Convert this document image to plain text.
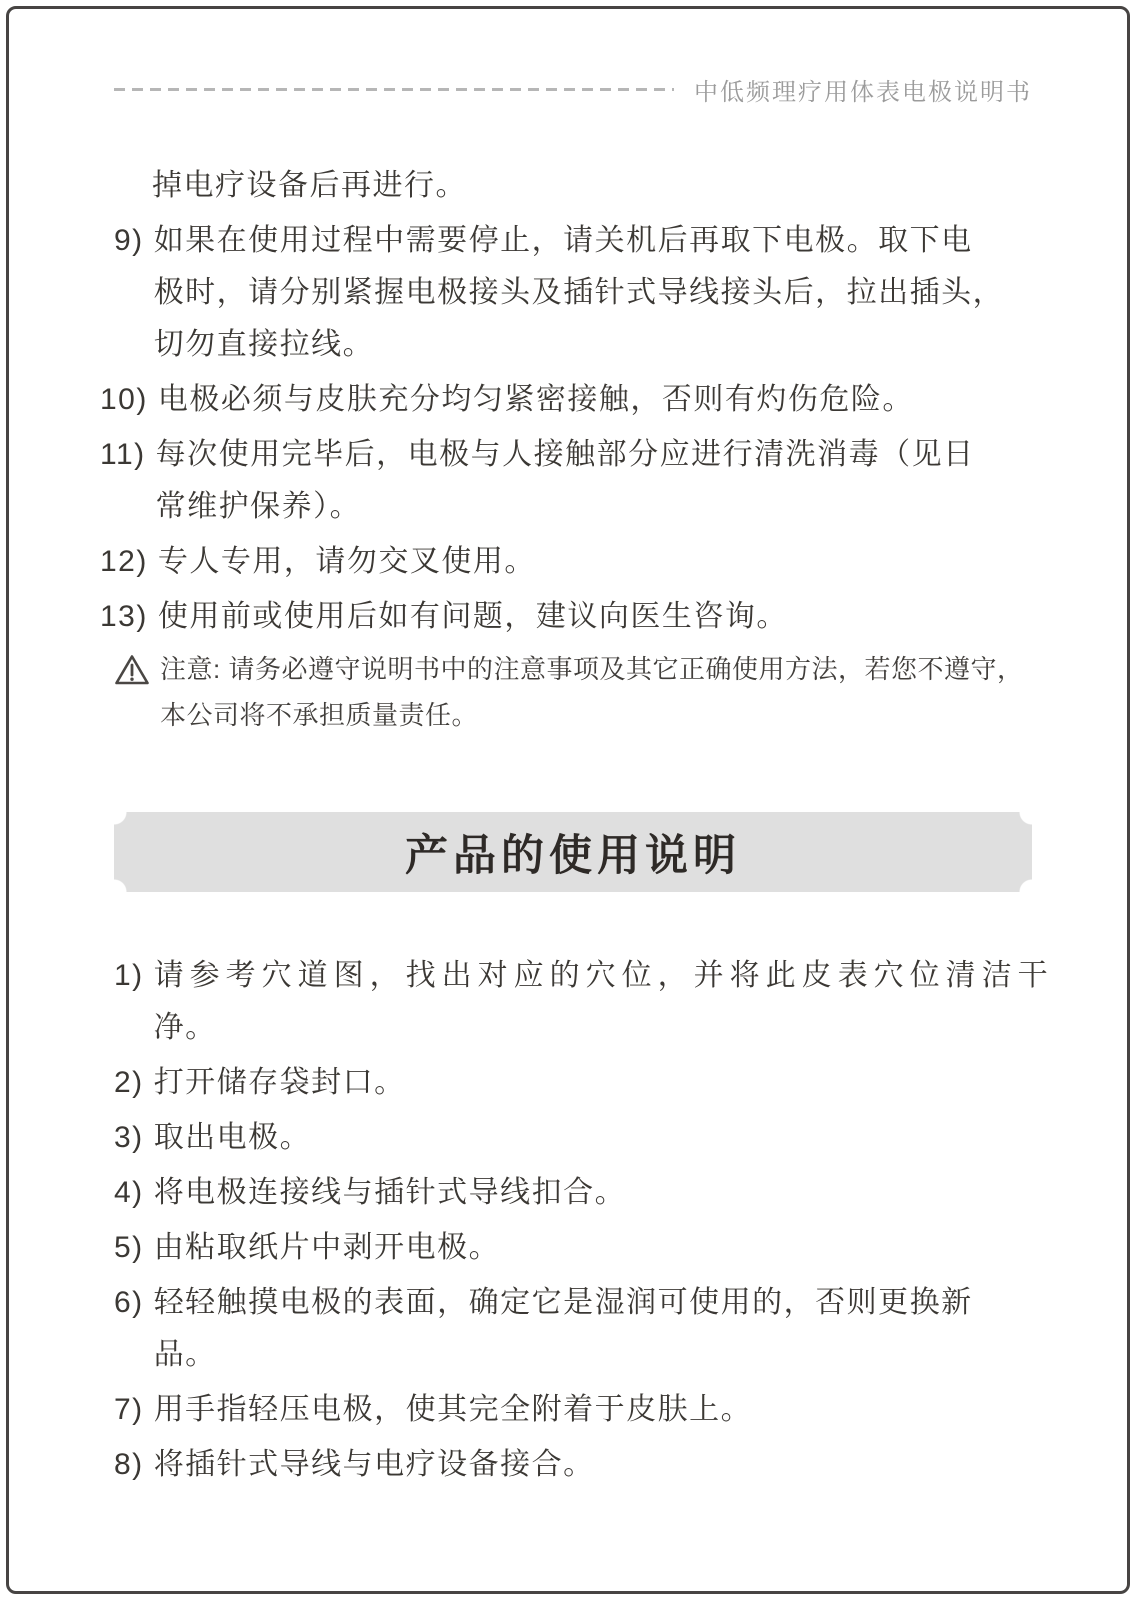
中低频理疗用体表电极说明书
掉电疗设备后再进行。
9) 如果在使用过程中需要停止，请关机后再取下电极。取下电
极时，请分别紧握电极接头及插针式导线接头后，拉出插头，
切勿直接拉线。
10) 电极必须与皮肤充分均匀紧密接触，否则有灼伤危险。
11) 每次使用完毕后，电极与人接触部分应进行清洗消毒（见日
常维护保养）。
12) 专人专用，请勿交叉使用。
13) 使用前或使用后如有问题，建议向医生咨询。
注意: 请务必遵守说明书中的注意事项及其它正确使用方法，若您不遵守，
本公司将不承担质量责任。
产品的使用说明
1) 请参考穴道图，找出对应的穴位，并将此皮表穴位清洁干
净。
2) 打开储存袋封口。
3) 取出电极。
4) 将电极连接线与插针式导线扣合。
5) 由粘取纸片中剥开电极。
6) 轻轻触摸电极的表面，确定它是湿润可使用的，否则更换新
品。
7) 用手指轻压电极，使其完全附着于皮肤上。
8) 将插针式导线与电疗设备接合。
